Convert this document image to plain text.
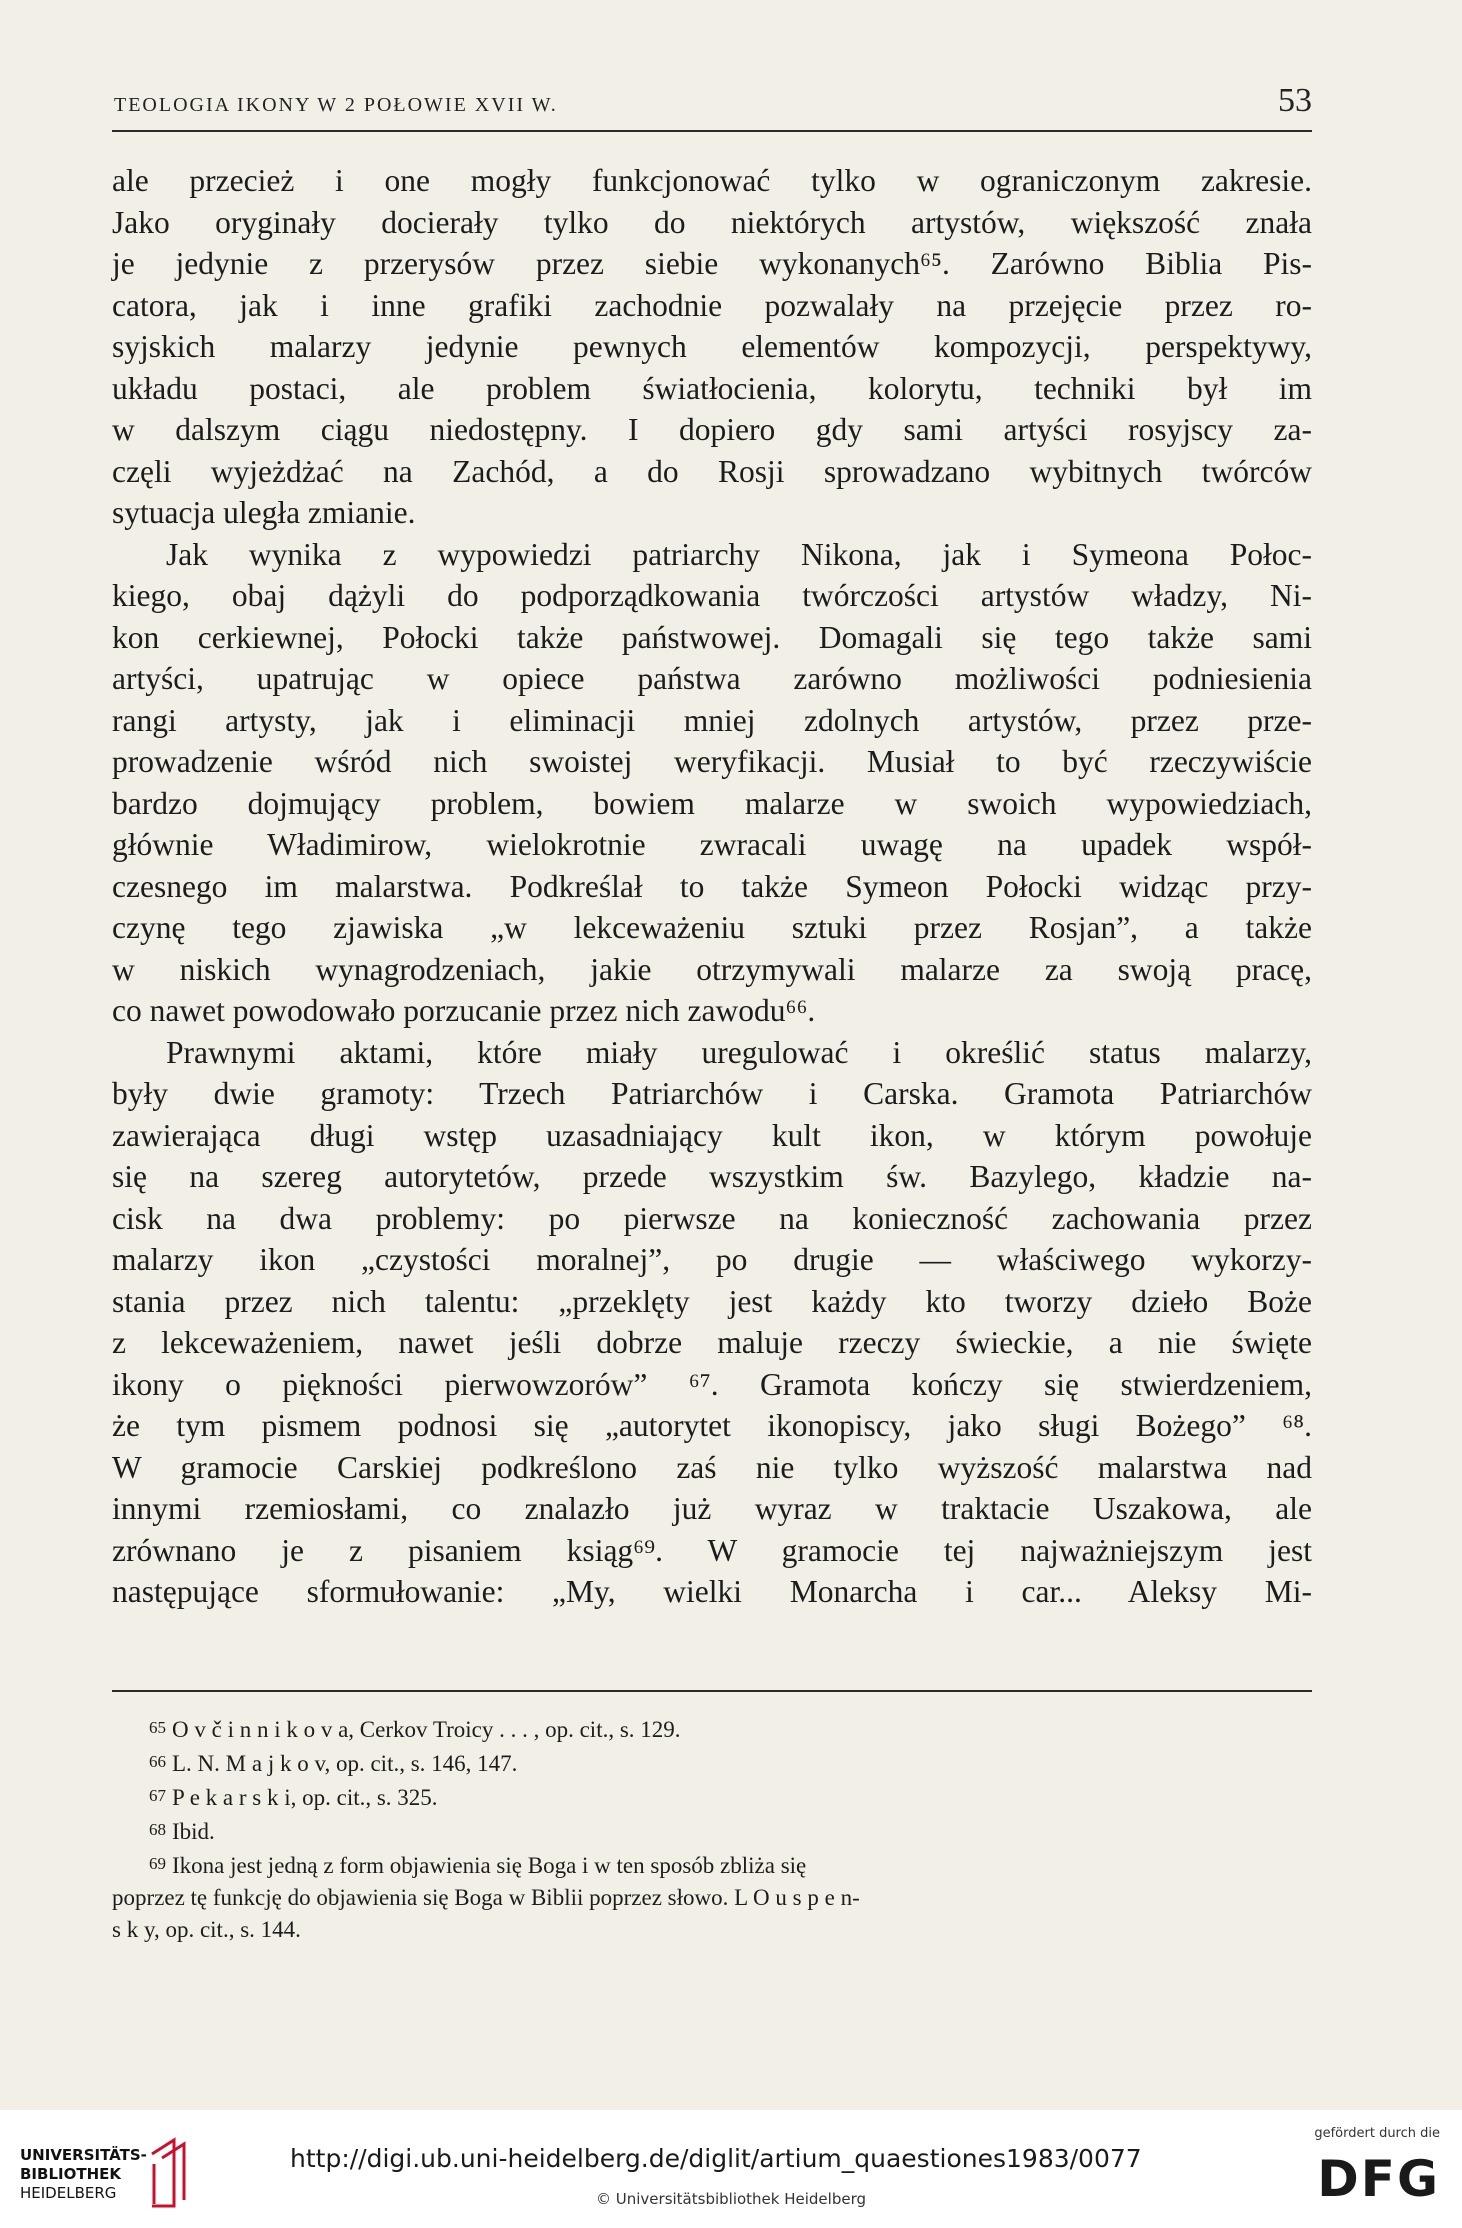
TEOLOGIA IKONY W 2 POŁOWIE XVII W.	53
ale przecież i one mogły funkcjonować tylko w ograniczonym zakresie.
Jako oryginały docierały tylko do niektórych artystów, większość znała
je jedynie z przerysów przez siebie wykonanych⁶⁵. Zarówno Biblia Pis-
catora, jak i inne grafiki zachodnie pozwalały na przejęcie przez ro-
syjskich malarzy jedynie pewnych elementów kompozycji, perspektywy,
układu postaci, ale problem światłocienia, kolorytu, techniki był im
w dalszym ciągu niedostępny. I dopiero gdy sami artyści rosyjscy za-
częli wyjeżdżać na Zachód, a do Rosji sprowadzano wybitnych twórców
sytuacja uległa zmianie.
Jak wynika z wypowiedzi patriarchy Nikona, jak i Symeona Połoc-
kiego, obaj dążyli do podporządkowania twórczości artystów władzy, Ni-
kon cerkiewnej, Połocki także państwowej. Domagali się tego także sami
artyści, upatrując w opiece państwa zarówno możliwości podniesienia
rangi artysty, jak i eliminacji mniej zdolnych artystów, przez prze-
prowadzenie wśród nich swoistej weryfikacji. Musiał to być rzeczywiście
bardzo dojmujący problem, bowiem malarze w swoich wypowiedziach,
głównie Władimirow, wielokrotnie zwracali uwagę na upadek współ-
czesnego im malarstwa. Podkreślał to także Symeon Połocki widząc przy-
czynę tego zjawiska „w lekceważeniu sztuki przez Rosjan”, a także
w niskich wynagrodzeniach, jakie otrzymywali malarze za swoją pracę,
co nawet powodowało porzucanie przez nich zawodu⁶⁶.
Prawnymi aktami, które miały uregulować i określić status malarzy,
były dwie gramoty: Trzech Patriarchów i Carska. Gramota Patriarchów
zawierająca długi wstęp uzasadniający kult ikon, w którym powołuje
się na szereg autorytetów, przede wszystkim św. Bazylego, kładzie na-
cisk na dwa problemy: po pierwsze na konieczność zachowania przez
malarzy ikon „czystości moralnej”, po drugie — właściwego wykorzy-
stania przez nich talentu: „przeklęty jest każdy kto tworzy dzieło Boże
z lekceważeniem, nawet jeśli dobrze maluje rzeczy świeckie, a nie święte
ikony o piękności pierwowzorów” ⁶⁷. Gramota kończy się stwierdzeniem,
że tym pismem podnosi się „autorytet ikonopiscy, jako sługi Bożego” ⁶⁸.
W gramocie Carskiej podkreślono zaś nie tylko wyższość malarstwa nad
innymi rzemiosłami, co znalazło już wyraz w traktacie Uszakowa, ale
zrównano je z pisaniem ksiąg⁶⁹. W gramocie tej najważniejszym jest
następujące sformułowanie: „My, wielki Monarcha i car... Aleksy Mi-
65 O v č i n n i k o v a, Cerkov Troicy . . . , op. cit., s. 129.
66 L. N. M a j k o v, op. cit., s. 146, 147.
67 P e k a r s k i, op. cit., s. 325.
68 Ibid.
69 Ikona jest jedną z form objawienia się Boga i w ten sposób zbliża się
poprzez tę funkcję do objawienia się Boga w Biblii poprzez słowo. L O u s p e n-
s k y, op. cit., s. 144.
UNIVERSITÄTS-
BIBLIOTHEK
HEIDELBERG
http://digi.ub.uni-heidelberg.de/diglit/artium_quaestiones1983/0077
© Universitätsbibliothek Heidelberg
gefördert durch die
DFG
